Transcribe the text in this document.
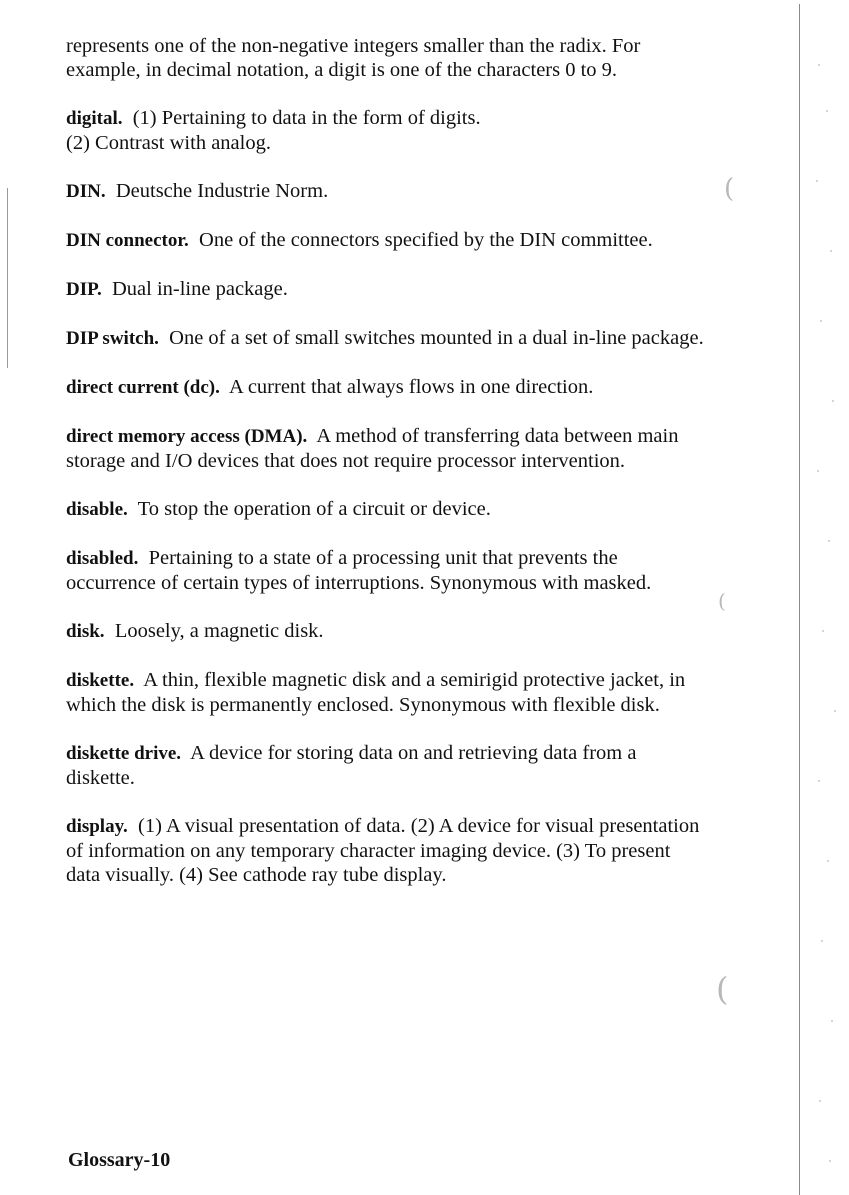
(
(
(

represents one of the non-negative integers smaller than the radix. For example, in decimal notation, a digit is one of the characters 0 to 9.

digital. (1) Pertaining to data in the form of digits.
(2) Contrast with analog.

DIN. Deutsche Industrie Norm.

DIN connector. One of the connectors specified by the DIN committee.

DIP. Dual in-line package.

DIP switch. One of a set of small switches mounted in a dual in-line package.

direct current (dc). A current that always flows in one direction.

direct memory access (DMA). A method of transferring data between main storage and I/O devices that does not require processor intervention.

disable. To stop the operation of a circuit or device.

disabled. Pertaining to a state of a processing unit that prevents the occurrence of certain types of interruptions. Synonymous with masked.

disk. Loosely, a magnetic disk.

diskette. A thin, flexible magnetic disk and a semirigid protective jacket, in which the disk is permanently enclosed. Synonymous with flexible disk.

diskette drive. A device for storing data on and retrieving data from a diskette.

display. (1) A visual presentation of data. (2) A device for visual presentation of information on any temporary character imaging device. (3) To present data visually. (4) See cathode ray tube display.

Glossary-10
